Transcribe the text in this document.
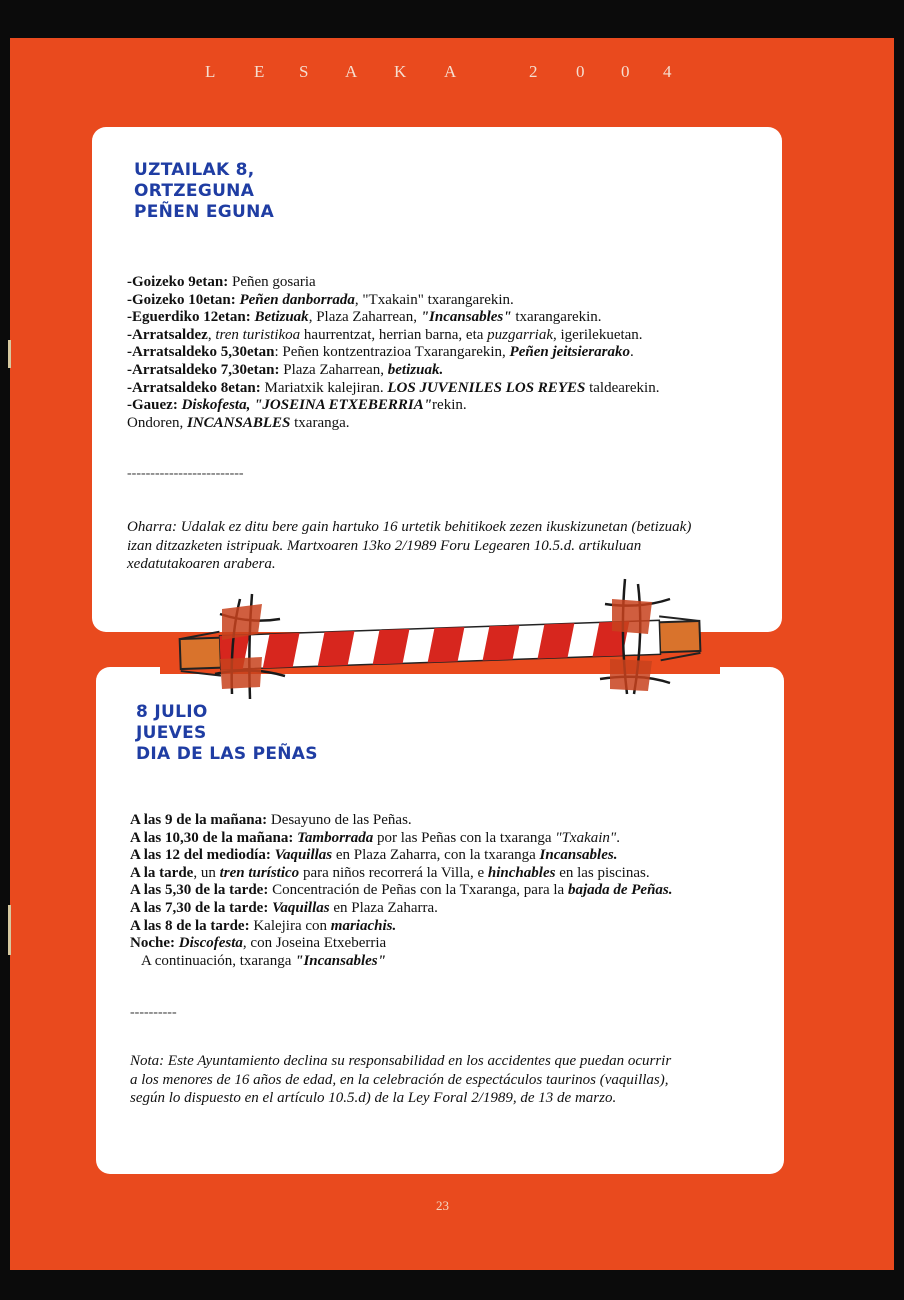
L E S A K A	2 0 0 4
UZTAILAK 8,
ORTZEGUNA
PEÑEN EGUNA
-Goizeko 9etan: Peñen gosaria
-Goizeko 10etan: Peñen danborrada, "Txakain" txarangarekin.
-Eguerdiko 12etan: Betizuak, Plaza Zaharrean, "Incansables" txarangarekin.
-Arratsaldez, tren turistikoa haurrentzat, herrian barna, eta puzgarriak, igerilekuetan.
-Arratsaldeko 5,30etan: Peñen kontzentrazioa Txarangarekin, Peñen jeitsierarako.
-Arratsaldeko 7,30etan: Plaza Zaharrean, betizuak.
-Arratsaldeko 8etan: Mariatxik kalejiran. LOS JUVENILES LOS REYES taldearekin.
-Gauez: Diskofesta, "JOSEINA ETXEBERRIA"rekin.
Ondoren, INCANSABLES txaranga.
-------------------------
Oharra: Udalak ez ditu bere gain hartuko 16 urtetik behitikoek zezen ikuskizunetan (betizuak)
izan ditzazketen istripuak. Martxoaren 13ko 2/1989 Foru Legearen 10.5.d. artikuluan
xedatutakoaren arabera.
8 JULIO
JUEVES
DIA DE LAS PEÑAS
A las 9 de la mañana: Desayuno de las Peñas.
A las 10,30 de la mañana: Tamborrada por las Peñas con la txaranga "Txakain".
A las 12 del mediodía: Vaquillas en Plaza Zaharra, con la txaranga Incansables.
A la tarde, un tren turístico para niños recorrerá la Villa, e hinchables en las piscinas.
A las 5,30 de la tarde: Concentración de Peñas con la Txaranga, para la bajada de Peñas.
A las 7,30 de la tarde: Vaquillas en Plaza Zaharra.
A las 8 de la tarde: Kalejira con mariachis.
Noche: Discofesta, con Joseina Etxeberria
A continuación, txaranga "Incansables"
----------
Nota: Este Ayuntamiento declina su responsabilidad en los accidentes que puedan ocurrir
a los menores de 16 años de edad, en la celebración de espectáculos taurinos (vaquillas),
según lo dispuesto en el artículo 10.5.d) de la Ley Foral 2/1989, de 13 de marzo.
23
